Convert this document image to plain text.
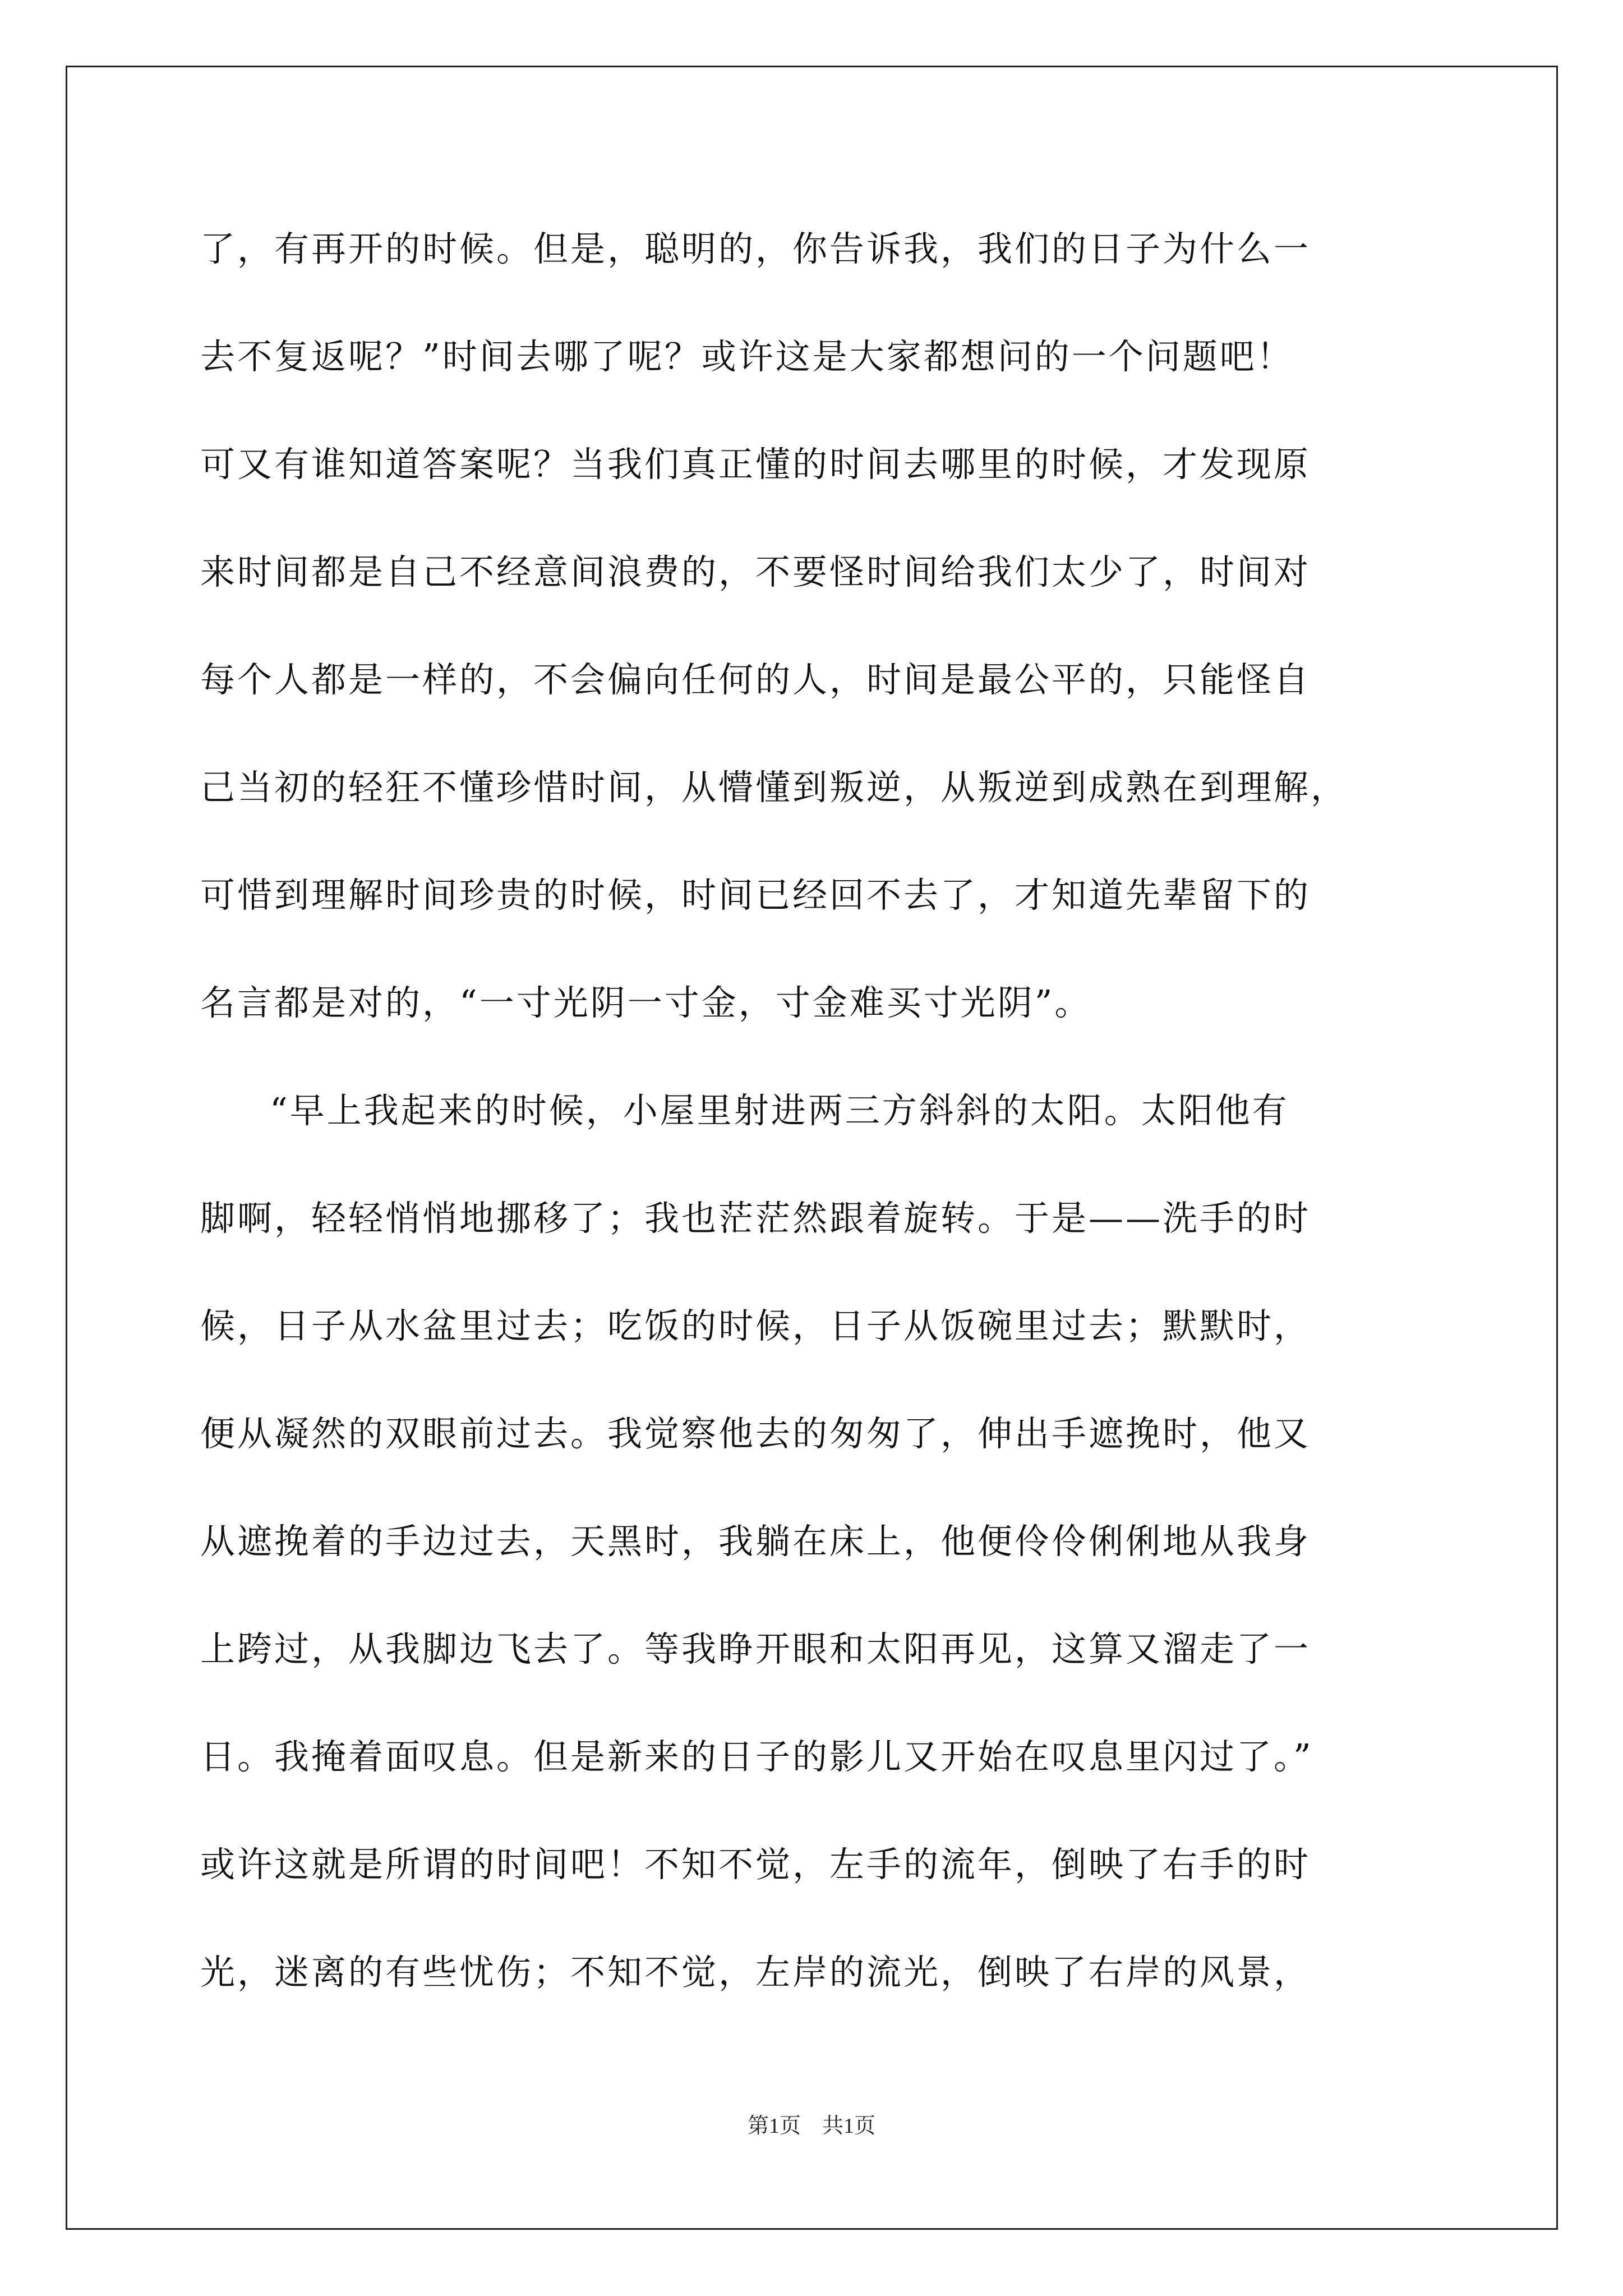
了，有再开的时候。但是，聪明的，你告诉我，我们的日子为什么一
去不复返呢？”时间去哪了呢？或许这是大家都想问的一个问题吧！
可又有谁知道答案呢？当我们真正懂的时间去哪里的时候，才发现原
来时间都是自己不经意间浪费的，不要怪时间给我们太少了，时间对
每个人都是一样的，不会偏向任何的人，时间是最公平的，只能怪自
己当初的轻狂不懂珍惜时间，从懵懂到叛逆，从叛逆到成熟在到理解，
可惜到理解时间珍贵的时候，时间已经回不去了，才知道先辈留下的
名言都是对的，“一寸光阴一寸金，寸金难买寸光阴”。
“早上我起来的时候，小屋里射进两三方斜斜的太阳。太阳他有
脚啊，轻轻悄悄地挪移了；我也茫茫然跟着旋转。于是——洗手的时
候，日子从水盆里过去；吃饭的时候，日子从饭碗里过去；默默时，
便从凝然的双眼前过去。我觉察他去的匆匆了，伸出手遮挽时，他又
从遮挽着的手边过去，天黑时，我躺在床上，他便伶伶俐俐地从我身
上跨过，从我脚边飞去了。等我睁开眼和太阳再见，这算又溜走了一
日。我掩着面叹息。但是新来的日子的影儿又开始在叹息里闪过了。”
或许这就是所谓的时间吧！不知不觉，左手的流年，倒映了右手的时
光，迷离的有些忧伤；不知不觉，左岸的流光，倒映了右岸的风景，
第1页　共1页
